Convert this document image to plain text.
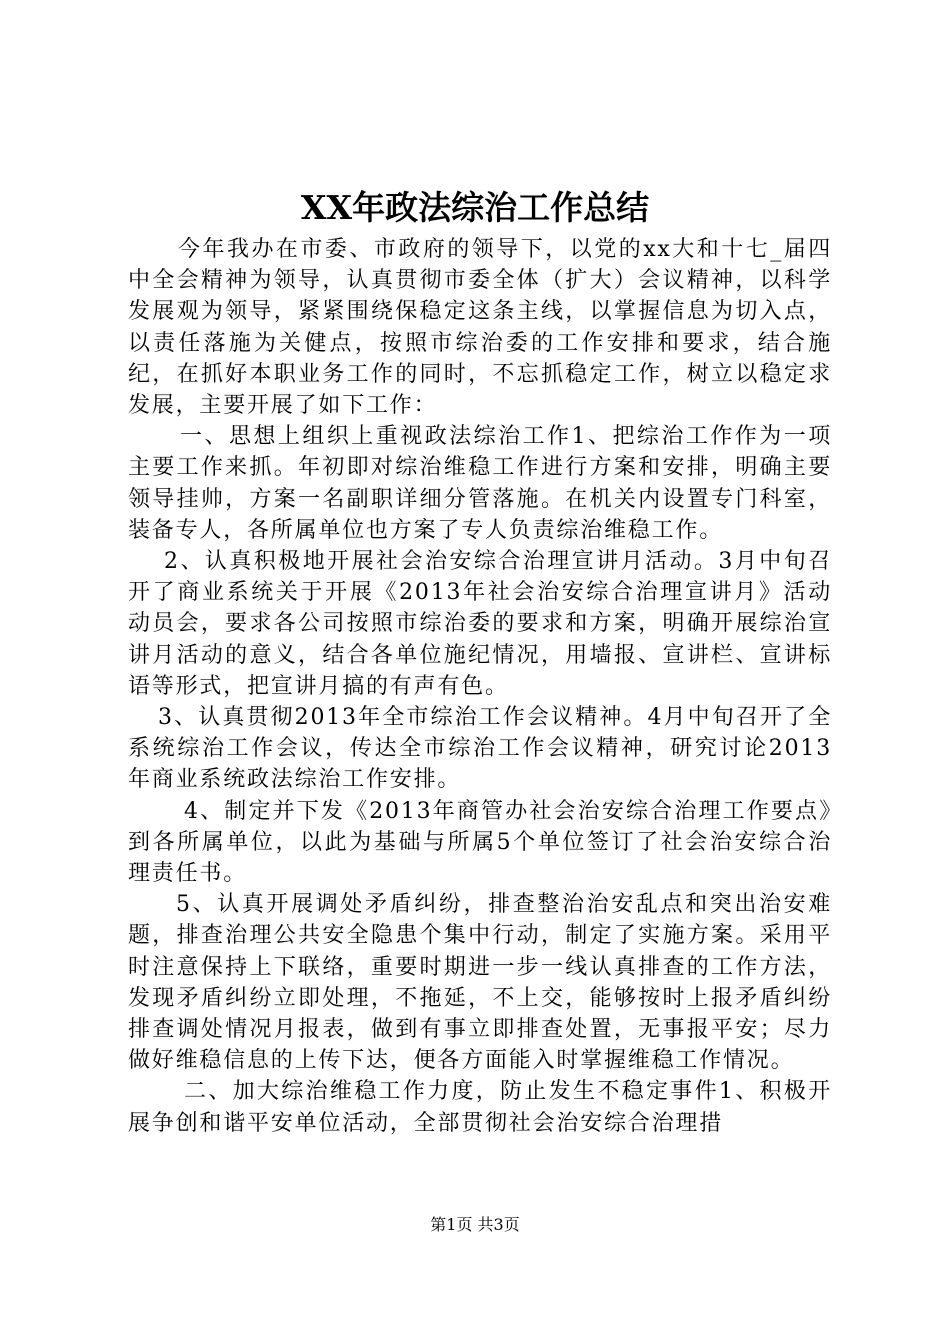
XX年政法综治工作总结

今年我办在市委、市政府的领导下，以党的xx大和十七_届四中全会精神为领导，认真贯彻市委全体（扩大）会议精神，以科学发展观为领导，紧紧围绕保稳定这条主线，以掌握信息为切入点，以责任落施为关健点，按照市综治委的工作安排和要求，结合施纪，在抓好本职业务工作的同时，不忘抓稳定工作，树立以稳定求发展，主要开展了如下工作：

一、思想上组织上重视政法综治工作1、把综治工作作为一项主要工作来抓。年初即对综治维稳工作进行方案和安排，明确主要领导挂帅，方案一名副职详细分管落施。在机关内设置专门科室，装备专人，各所属单位也方案了专人负责综治维稳工作。

2、认真积极地开展社会治安综合治理宣讲月活动。3月中旬召开了商业系统关于开展《2013年社会治安综合治理宣讲月》活动动员会，要求各公司按照市综治委的要求和方案，明确开展综治宣讲月活动的意义，结合各单位施纪情况，用墙报、宣讲栏、宣讲标语等形式，把宣讲月搞的有声有色。

3、认真贯彻2013年全市综治工作会议精神。4月中旬召开了全系统综治工作会议，传达全市综治工作会议精神，研究讨论2013年商业系统政法综治工作安排。

4、制定并下发《2013年商管办社会治安综合治理工作要点》到各所属单位，以此为基础与所属5个单位签订了社会治安综合治理责任书。

5、认真开展调处矛盾纠纷，排查整治治安乱点和突出治安难题，排查治理公共安全隐患个集中行动，制定了实施方案。采用平时注意保持上下联络，重要时期进一步一线认真排查的工作方法，发现矛盾纠纷立即处理，不拖延，不上交，能够按时上报矛盾纠纷排查调处情况月报表，做到有事立即排查处置，无事报平安；尽力做好维稳信息的上传下达，便各方面能入时掌握维稳工作情况。

二、加大综治维稳工作力度，防止发生不稳定事件1、积极开展争创和谐平安单位活动，全部贯彻社会治安综合治理措

第1页 共3页
